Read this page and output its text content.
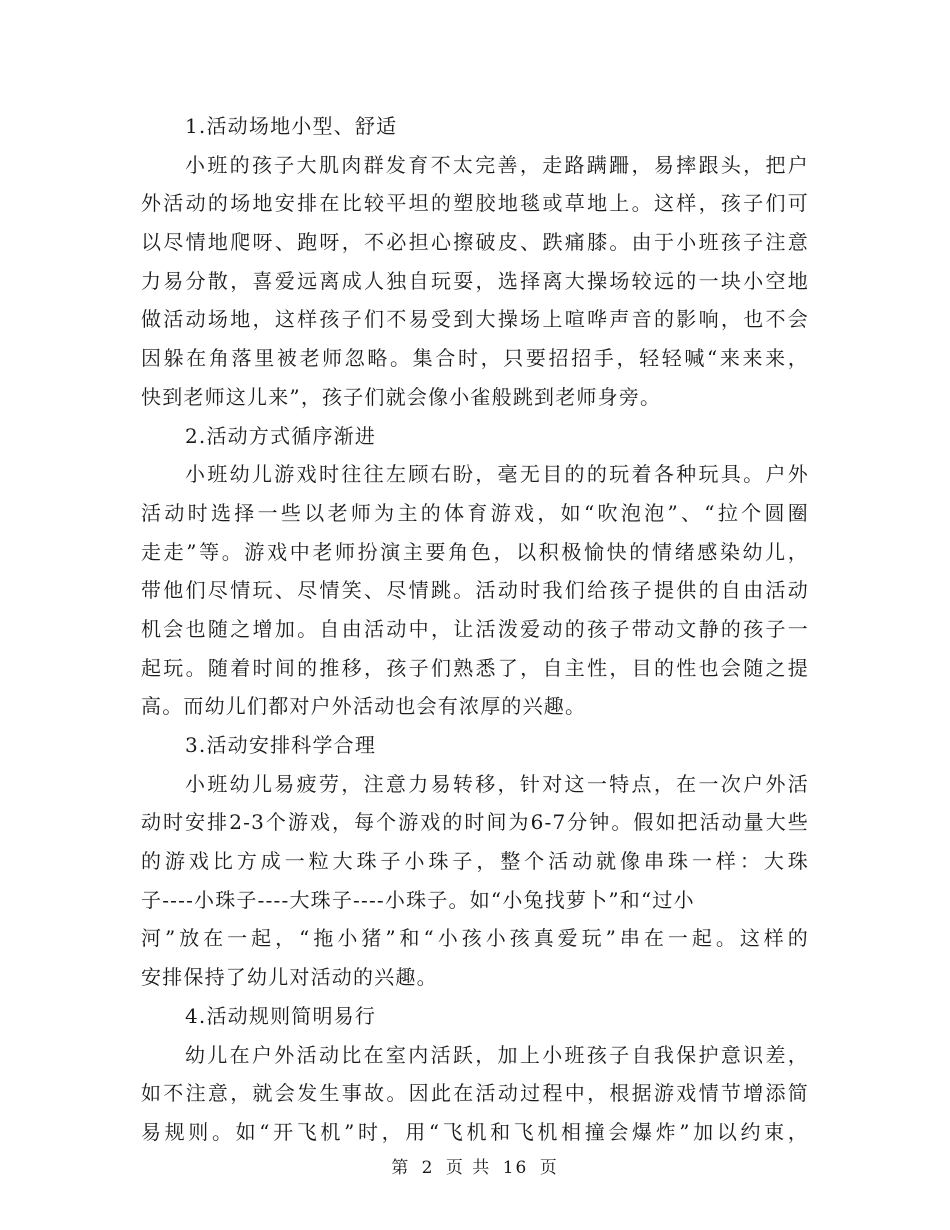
1.活动场地小型、舒适
小班的孩子大肌肉群发育不太完善，走路蹒跚，易摔跟头，把户
外活动的场地安排在比较平坦的塑胶地毯或草地上。这样，孩子们可
以尽情地爬呀、跑呀，不必担心擦破皮、跌痛膝。由于小班孩子注意
力易分散，喜爱远离成人独自玩耍，选择离大操场较远的一块小空地
做活动场地，这样孩子们不易受到大操场上喧哗声音的影响，也不会
因躲在角落里被老师忽略。集合时，只要招招手，轻轻喊“来来来，
快到老师这儿来”，孩子们就会像小雀般跳到老师身旁。
2.活动方式循序渐进
小班幼儿游戏时往往左顾右盼，毫无目的的玩着各种玩具。户外
活动时选择一些以老师为主的体育游戏，如“吹泡泡”、“拉个圆圈
走走”等。游戏中老师扮演主要角色，以积极愉快的情绪感染幼儿，
带他们尽情玩、尽情笑、尽情跳。活动时我们给孩子提供的自由活动
机会也随之增加。自由活动中，让活泼爱动的孩子带动文静的孩子一
起玩。随着时间的推移，孩子们熟悉了，自主性，目的性也会随之提
高。而幼儿们都对户外活动也会有浓厚的兴趣。
3.活动安排科学合理
小班幼儿易疲劳，注意力易转移，针对这一特点，在一次户外活
动时安排2-3个游戏，每个游戏的时间为6-7分钟。假如把活动量大些
的游戏比方成一粒大珠子小珠子，整个活动就像串珠一样：大珠
子----小珠子----大珠子----小珠子。如“小兔找萝卜”和“过小
河”放在一起，“拖小猪”和“小孩小孩真爱玩”串在一起。这样的
安排保持了幼儿对活动的兴趣。
4.活动规则简明易行
幼儿在户外活动比在室内活跃，加上小班孩子自我保护意识差，
如不注意，就会发生事故。因此在活动过程中，根据游戏情节增添简
易规则。如“开飞机”时，用“飞机和飞机相撞会爆炸”加以约束，
第 2 页 共 16 页
